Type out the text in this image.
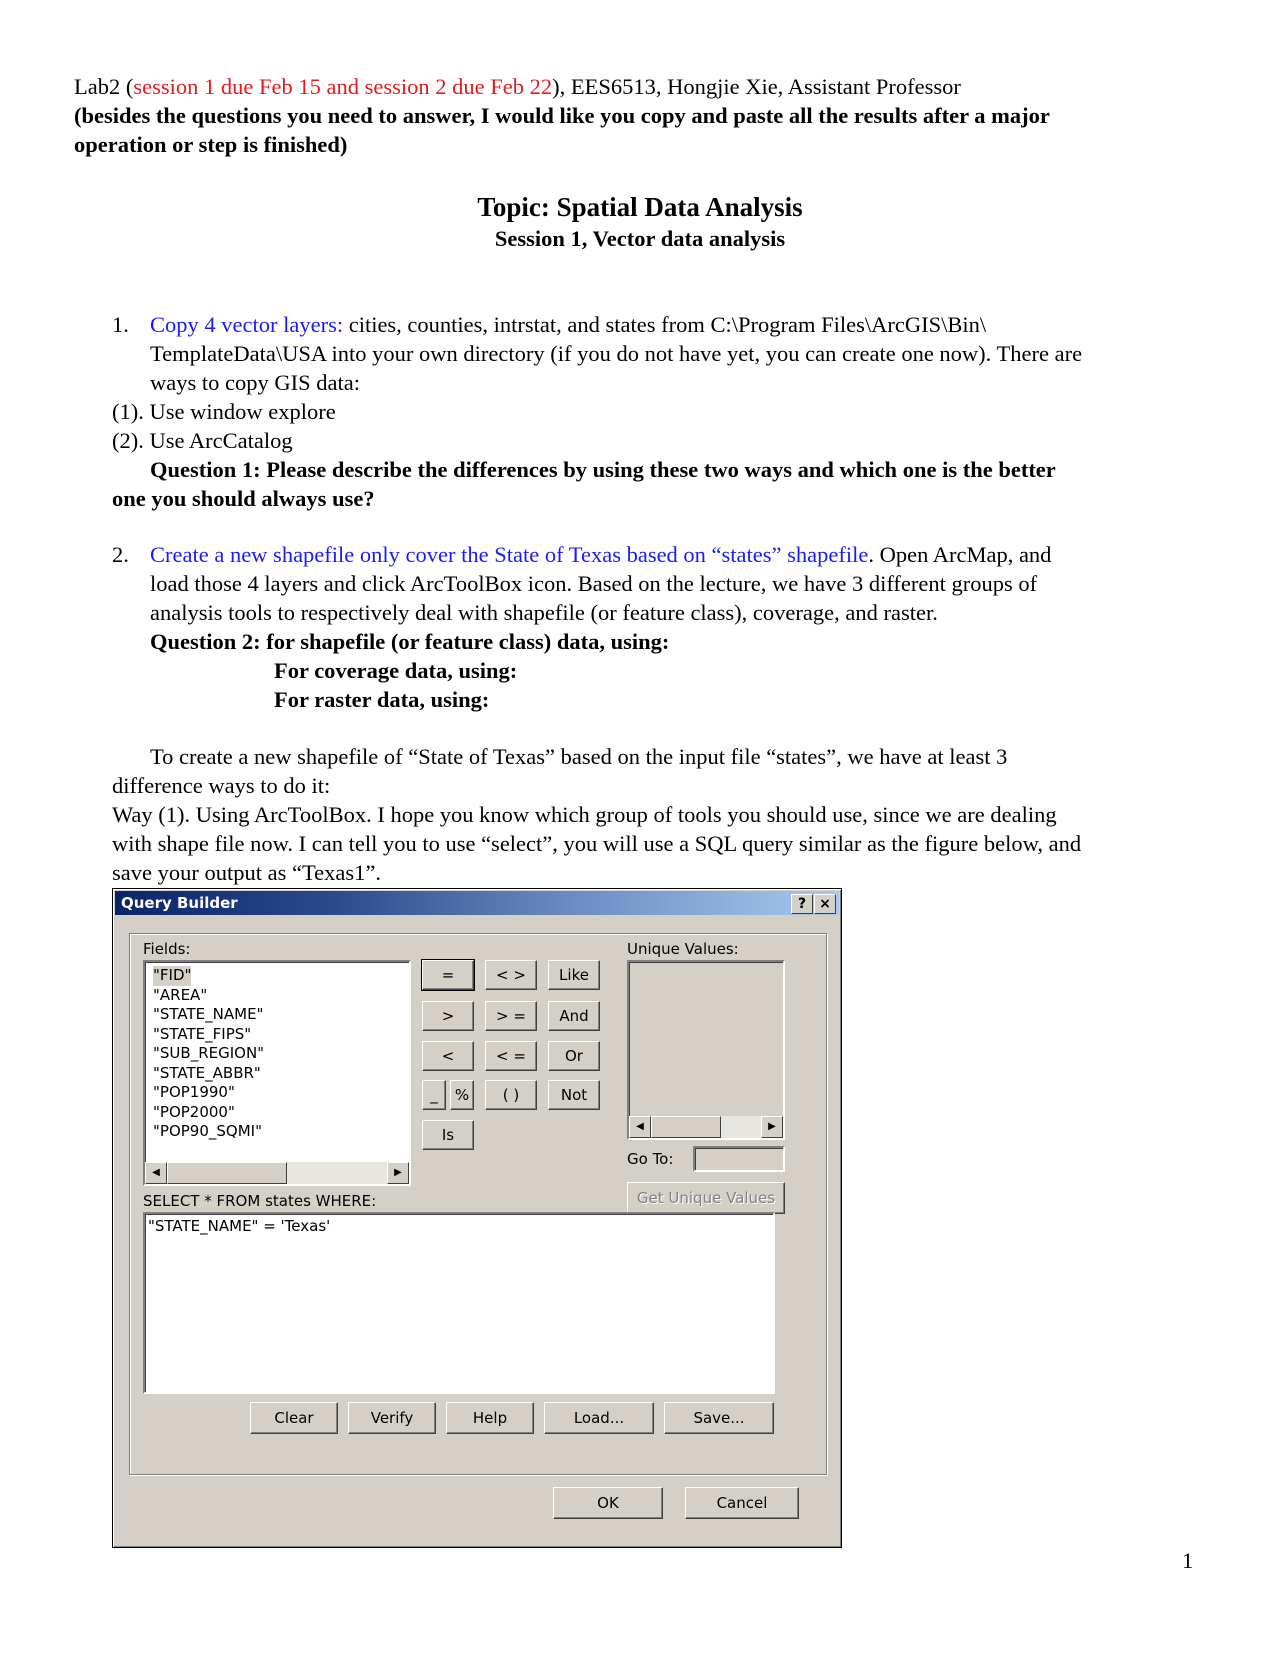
Lab2 (session 1 due Feb 15 and session 2 due Feb 22), EES6513, Hongjie Xie, Assistant Professor
(besides the questions you need to answer, I would like you copy and paste all the results after a major
operation or step is finished)
Topic: Spatial Data Analysis
Session 1, Vector data analysis
1. Copy 4 vector layers: cities, counties, intrstat, and states from C:\Program Files\ArcGIS\Bin\
TemplateData\USA into your own directory (if you do not have yet, you can create one now). There are
ways to copy GIS data:
(1). Use window explore
(2). Use ArcCatalog
Question 1: Please describe the differences by using these two ways and which one is the better
one you should always use?
2. Create a new shapefile only cover the State of Texas based on “states” shapefile. Open ArcMap, and
load those 4 layers and click ArcToolBox icon. Based on the lecture, we have 3 different groups of
analysis tools to respectively deal with shapefile (or feature class), coverage, and raster.
Question 2: for shapefile (or feature class) data, using:
For coverage data, using:
For raster data, using:
To create a new shapefile of “State of Texas” based on the input file “states”, we have at least 3
difference ways to do it:
Way (1). Using ArcToolBox. I hope you know which group of tools you should use, since we are dealing
with shape file now. I can tell you to use “select”, you will use a SQL query similar as the figure below, and
save your output as “Texas1”.
Query Builder	? ×
Fields:
"FID"
"AREA"
"STATE_NAME"
"STATE_FIPS"
"SUB_REGION"
"STATE_ABBR"
"POP1990"
"POP2000"
"POP90_SQMI"
◀	▶
=	< >	Like
>	> =	And
<	< =	Or
_	%	( )	Not
Is
Unique Values:
◀	▶
Go To:
Get Unique Values
SELECT * FROM states WHERE:
"STATE_NAME" = 'Texas'
Clear	Verify	Help	Load...	Save...
OK	Cancel
1
